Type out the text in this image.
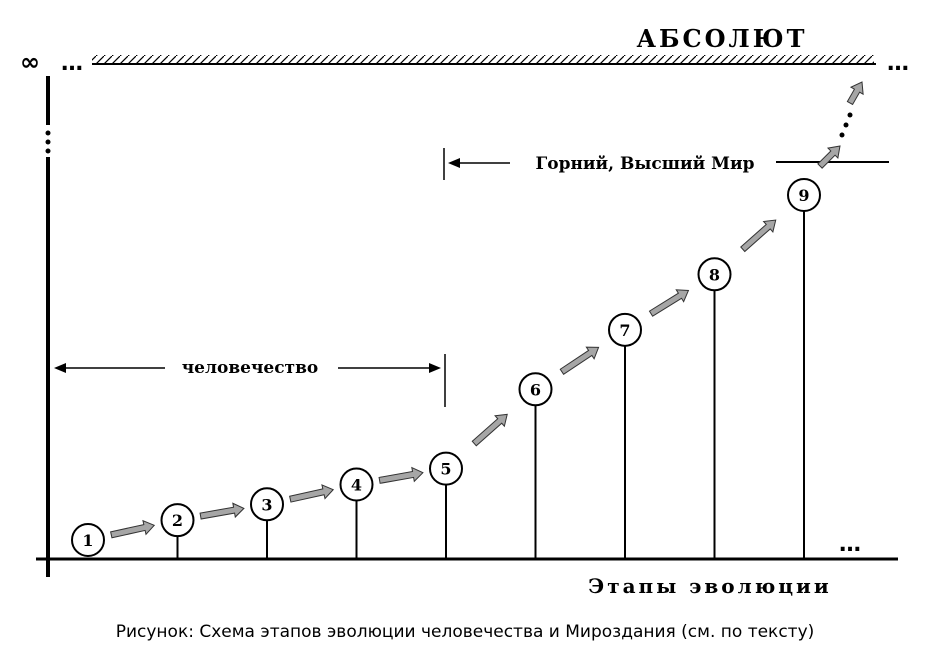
∞ …	…
АБСОЛЮТ
Горний, Высший Мир
человечество
1
2
3
4
5
6
7
8
9
…
Этапы эволюции
Рисунок: Схема этапов эволюции человечества и Мироздания (см. по тексту)
